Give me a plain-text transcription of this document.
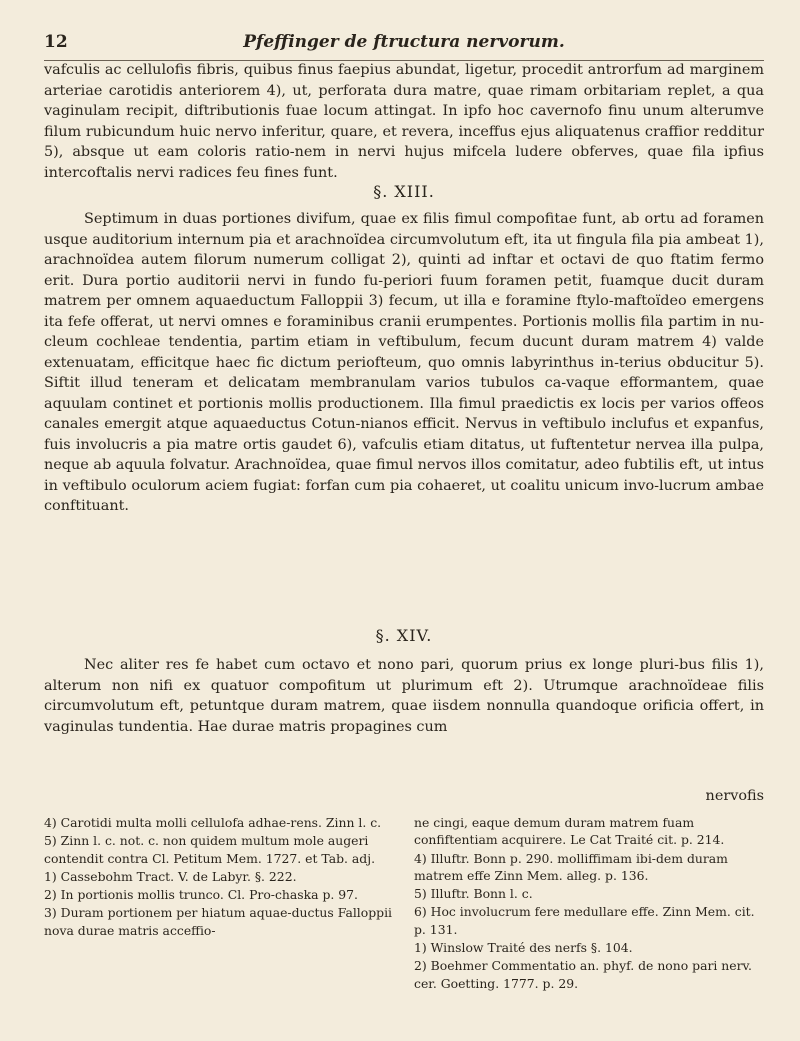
12	Pfeffinger de ftructura nervorum.

vafculis ac cellulofis fibris, quibus finus faepius abundat, ligetur, procedit antrorfum ad marginem arteriae carotidis anteriorem 4), ut, perforata dura matre, quae rimam orbitariam replet, a qua vaginulam recipit, diftributionis fuae locum attingat. In ipfo hoc cavernofo finu unum alterumve filum rubicundum huic nervo inferitur, quare, et revera, inceffus ejus aliquatenus craffior redditur 5), absque ut eam coloris ratio-nem in nervi hujus mifcela ludere obferves, quae fila ipfius intercoftalis nervi radices feu fines funt.

§. XIII.

Septimum in duas portiones divifum, quae ex filis fimul compofitae funt, ab ortu ad foramen usque auditorium internum pia et arachnoïdea circumvolutum eft, ita ut fingula fila pia ambeat 1), arachnoïdea autem filorum numerum colligat 2), quinti ad inftar et octavi de quo ftatim fermo erit. Dura portio auditorii nervi in fundo fu-periori fuum foramen petit, fuamque ducit duram matrem per omnem aquaeductum Falloppii 3) fecum, ut illa e foramine ftylo-maftoïdeo emergens ita fefe offerat, ut nervi omnes e foraminibus cranii erumpentes. Portionis mollis fila partim in nu-cleum cochleae tendentia, partim etiam in veftibulum, fecum ducunt duram matrem 4) valde extenuatam, efficitque haec fic dictum periofteum, quo omnis labyrinthus in-terius obducitur 5). Siftit illud teneram et delicatam membranulam varios tubulos ca-vaque efformantem, quae aquulam continet et portionis mollis productionem. Illa fimul praedictis ex locis per varios offeos canales emergit atque aquaeductus Cotun-nianos efficit. Nervus in veftibulo inclufus et expanfus, fuis involucris a pia matre ortis gaudet 6), vafculis etiam ditatus, ut fuftentetur nervea illa pulpa, neque ab aquula folvatur. Arachnoïdea, quae fimul nervos illos comitatur, adeo fubtilis eft, ut intus in veftibulo oculorum aciem fugiat: forfan cum pia cohaeret, ut coalitu unicum invo-lucrum ambae conftituant.

§. XIV.

Nec aliter res fe habet cum octavo et nono pari, quorum prius ex longe pluri-bus filis 1), alterum non nifi ex quatuor compofitum ut plurimum eft 2). Utrumque arachnoïdeae filis circumvolutum eft, petuntque duram matrem, quae iisdem nonnulla quandoque orificia offert, in vaginulas tundentia. Hae durae matris propagines cum

nervofis

4) Carotidi multa molli cellulofa adhae-rens. Zinn l. c.

5) Zinn l. c. not. c. non quidem multum mole augeri contendit contra Cl. Petitum Mem. 1727. et Tab. adj.

1) Cassebohm Tract. V. de Labyr. §. 222.

2) In portionis mollis trunco. Cl. Pro-chaska p. 97.

3) Duram portionem per hiatum aquae-ductus Falloppii nova durae matris acceffio-

ne cingi, eaque demum duram matrem fuam confiftentiam acquirere. Le Cat Traité cit. p. 214.

4) Illuftr. Bonn p. 290. molliffimam ibi-dem duram matrem effe Zinn Mem. alleg. p. 136.

5) Illuftr. Bonn l. c.

6) Hoc involucrum fere medullare effe. Zinn Mem. cit. p. 131.

1) Winslow Traité des nerfs §. 104.

2) Boehmer Commentatio an. phyf. de nono pari nerv. cer. Goetting. 1777. p. 29.
